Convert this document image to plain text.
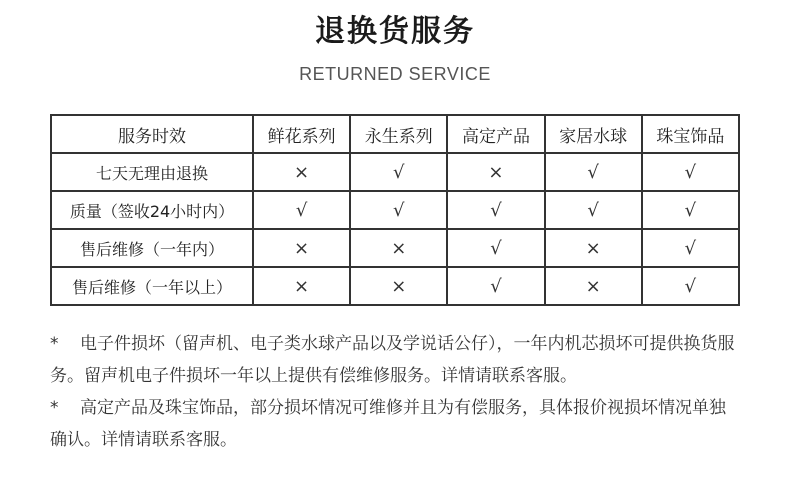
退换货服务
RETURNED SERVICE
服务时效	鲜花系列	永生系列	高定产品	家居水球	珠宝饰品
七天无理由退换	×	√	×	√	√
质量（签收24小时内）	√	√	√	√	√
售后维修（一年内）	×	×	√	×	√
售后维修（一年以上）	×	×	√	×	√

* 电子件损坏（留声机、电子类水球产品以及学说话公仔），一年内机芯损坏可提供换货服务。留声机电子件损坏一年以上提供有偿维修服务。详情请联系客服。

* 高定产品及珠宝饰品，部分损坏情况可维修并且为有偿服务，具体报价视损坏情况单独确认。详情请联系客服。
